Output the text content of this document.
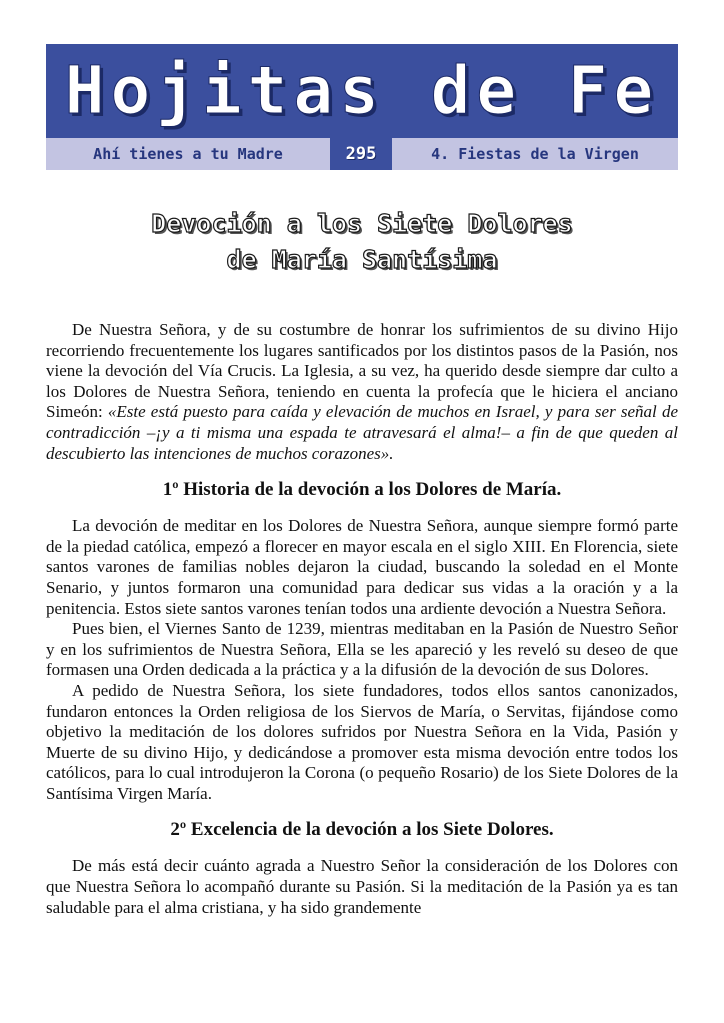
Hojitas de Fe
Ahí tienes a tu Madre	295	4. Fiestas de la Virgen
Devoción a los Siete Dolores
de María Santísima

De Nuestra Señora, y de su costumbre de honrar los sufrimientos de su divino Hijo recorriendo frecuentemente los lugares santificados por los distintos pasos de la Pasión, nos viene la devoción del Vía Crucis. La Iglesia, a su vez, ha querido desde siempre dar culto a los Dolores de Nuestra Señora, teniendo en cuenta la profecía que le hiciera el anciano Simeón: «Este está puesto para caída y elevación de muchos en Israel, y para ser señal de contradicción –¡y a ti misma una espada te atravesará el alma!– a fin de que queden al descubierto las intenciones de muchos corazones».

1º Historia de la devoción a los Dolores de María.

La devoción de meditar en los Dolores de Nuestra Señora, aunque siempre formó parte de la piedad católica, empezó a florecer en mayor escala en el siglo XIII. En Florencia, siete santos varones de familias nobles dejaron la ciudad, buscando la soledad en el Monte Senario, y juntos formaron una comunidad para dedicar sus vidas a la oración y a la penitencia. Estos siete santos varones tenían todos una ardiente devoción a Nuestra Señora.

Pues bien, el Viernes Santo de 1239, mientras meditaban en la Pasión de Nuestro Señor y en los sufrimientos de Nuestra Señora, Ella se les apareció y les reveló su deseo de que formasen una Orden dedicada a la práctica y a la difusión de la devoción de sus Dolores.

A pedido de Nuestra Señora, los siete fundadores, todos ellos santos canonizados, fundaron entonces la Orden religiosa de los Siervos de María, o Servitas, fijándose como objetivo la meditación de los dolores sufridos por Nuestra Señora en la Vida, Pasión y Muerte de su divino Hijo, y dedicándose a promover esta misma devoción entre todos los católicos, para lo cual introdujeron la Corona (o pequeño Rosario) de los Siete Dolores de la Santísima Virgen María.

2º Excelencia de la devoción a los Siete Dolores.

De más está decir cuánto agrada a Nuestro Señor la consideración de los Dolores con que Nuestra Señora lo acompañó durante su Pasión. Si la meditación de la Pasión ya es tan saludable para el alma cristiana, y ha sido grandemente
